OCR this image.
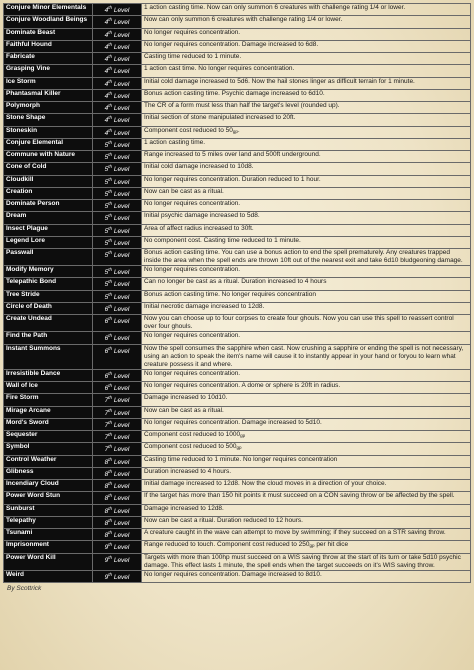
Conjure Minor Elementals	4th Level	1 action casting time. Now can only summon 6 creatures with challenge rating 1/4 or lower.
Conjure Woodland Beings	4th Level	Now can only summon 6 creatures with challenge rating 1/4 or lower.
Dominate Beast	4th Level	No longer requires concentration.
Faithful Hound	4th Level	No longer requires concentration. Damage increased to 6d8.
Fabricate	4th Level	Casting time reduced to 1 minute.
Grasping Vine	4th Level	1 action cast time. No longer requires concentration.
Ice Storm	4th Level	Initial cold damage increased to 5d6. Now the hail stones linger as difficult terrain for 1 minute.
Phantasmal Killer	4th Level	Bonus action casting time. Psychic damage increased to 6d10.
Polymorph	4th Level	The CR of a form must less than half the target's level (rounded up).
Stone Shape	4th Level	Initial section of stone manipulated increased to 20ft.
Stoneskin	4th Level	Component cost reduced to $50_{gp}$.
Conjure Elemental	5th Level	1 action casting time.
Commune with Nature	5th Level	Range increased to 5 miles over land and 500ft underground.
Cone of Cold	5th Level	Initial cold damage increased to 10d8.
Cloudkill	5th Level	No longer requires concentration. Duration reduced to 1 hour.
Creation	5th Level	Now can be cast as a ritual.
Dominate Person	5th Level	No longer requires concentration.
Dream	5th Level	Initial psychic damage increased to 5d8.
Insect Plague	5th Level	Area of affect radius increased to 30ft.
Legend Lore	5th Level	No component cost. Casting time reduced to 1 minute.
Passwall	5th Level	Bonus action casting time. You can use a bonus action to end the spell prematurely. Any creatures trapped inside the area when the spell ends are thrown 10ft out of the nearest exit and take 6d10 bludgeoning damage.
Modify Memory	5th Level	No longer requires concentration.
Telepathic Bond	5th Level	Can no longer be cast as a ritual. Duration increased to 4 hours
Tree Stride	5th Level	Bonus action casting time. No longer requires concentration
Circle of Death	6th Level	Initial necrotic damage increased to 12d8.
Create Undead	6th Level	Now you can choose up to four corpses to create four ghouls. Now you can use this spell to reassert control over four ghouls.
Find the Path	6th Level	No longer requires concentration.
Instant Summons	6th Level	Now the spell consumes the sapphire when cast. Now crushing a sapphire or ending the spell is not necessary, using an action to speak the item's name will cause it to instantly appear in your hand or foryou to learn what creature possess it and where.
Irresistible Dance	6th Level	No longer requires concentration.
Wall of Ice	6th Level	No longer requires concentration. A dome or sphere is 20ft in radius.
Fire Storm	7th Level	Damage increased to 10d10.
Mirage Arcane	7th Level	Now can be cast as a ritual.
Mord's Sword	7th Level	No longer requires concentration. Damage increased to 5d10.
Sequester	7th Level	Component cost reduced to $1000_{gp}$
Symbol	7th Level	Component cost reduced to $500_{gp}$
Control Weather	8th Level	Casting time reduced to 1 minute. No longer requires concentration
Glibness	8th Level	Duration increased to 4 hours.
Incendiary Cloud	8th Level	Initial damage increased to 12d8. Now the cloud moves in a direction of your choice.
Power Word Stun	8th Level	If the target has more than 150 hit points it must succeed on a CON saving throw or be affected by the spell.
Sunburst	8th Level	Damage increased to 12d8.
Telepathy	8th Level	Now can be cast a ritual. Duration reduced to 12 hours.
Tsunami	8th Level	A creature caught in the wave can attempt to move by swimming; if they succeed on a STR saving throw.
Imprisonment	9th Level	Range reduced to touch. Component cost reduced to $250_{gp}$ per hit dice
Power Word Kill	9th Level	Targets with more than 100hp must succeed on a WIS saving throw at the start of its turn or take 5d10 psychic damage. This effect lasts 1 minute, the spell ends when the target succeeds on it's WIS saving throw.
Weird	9th Level	No longer requires concentration. Damage increased to 8d10.
By Scottrick
